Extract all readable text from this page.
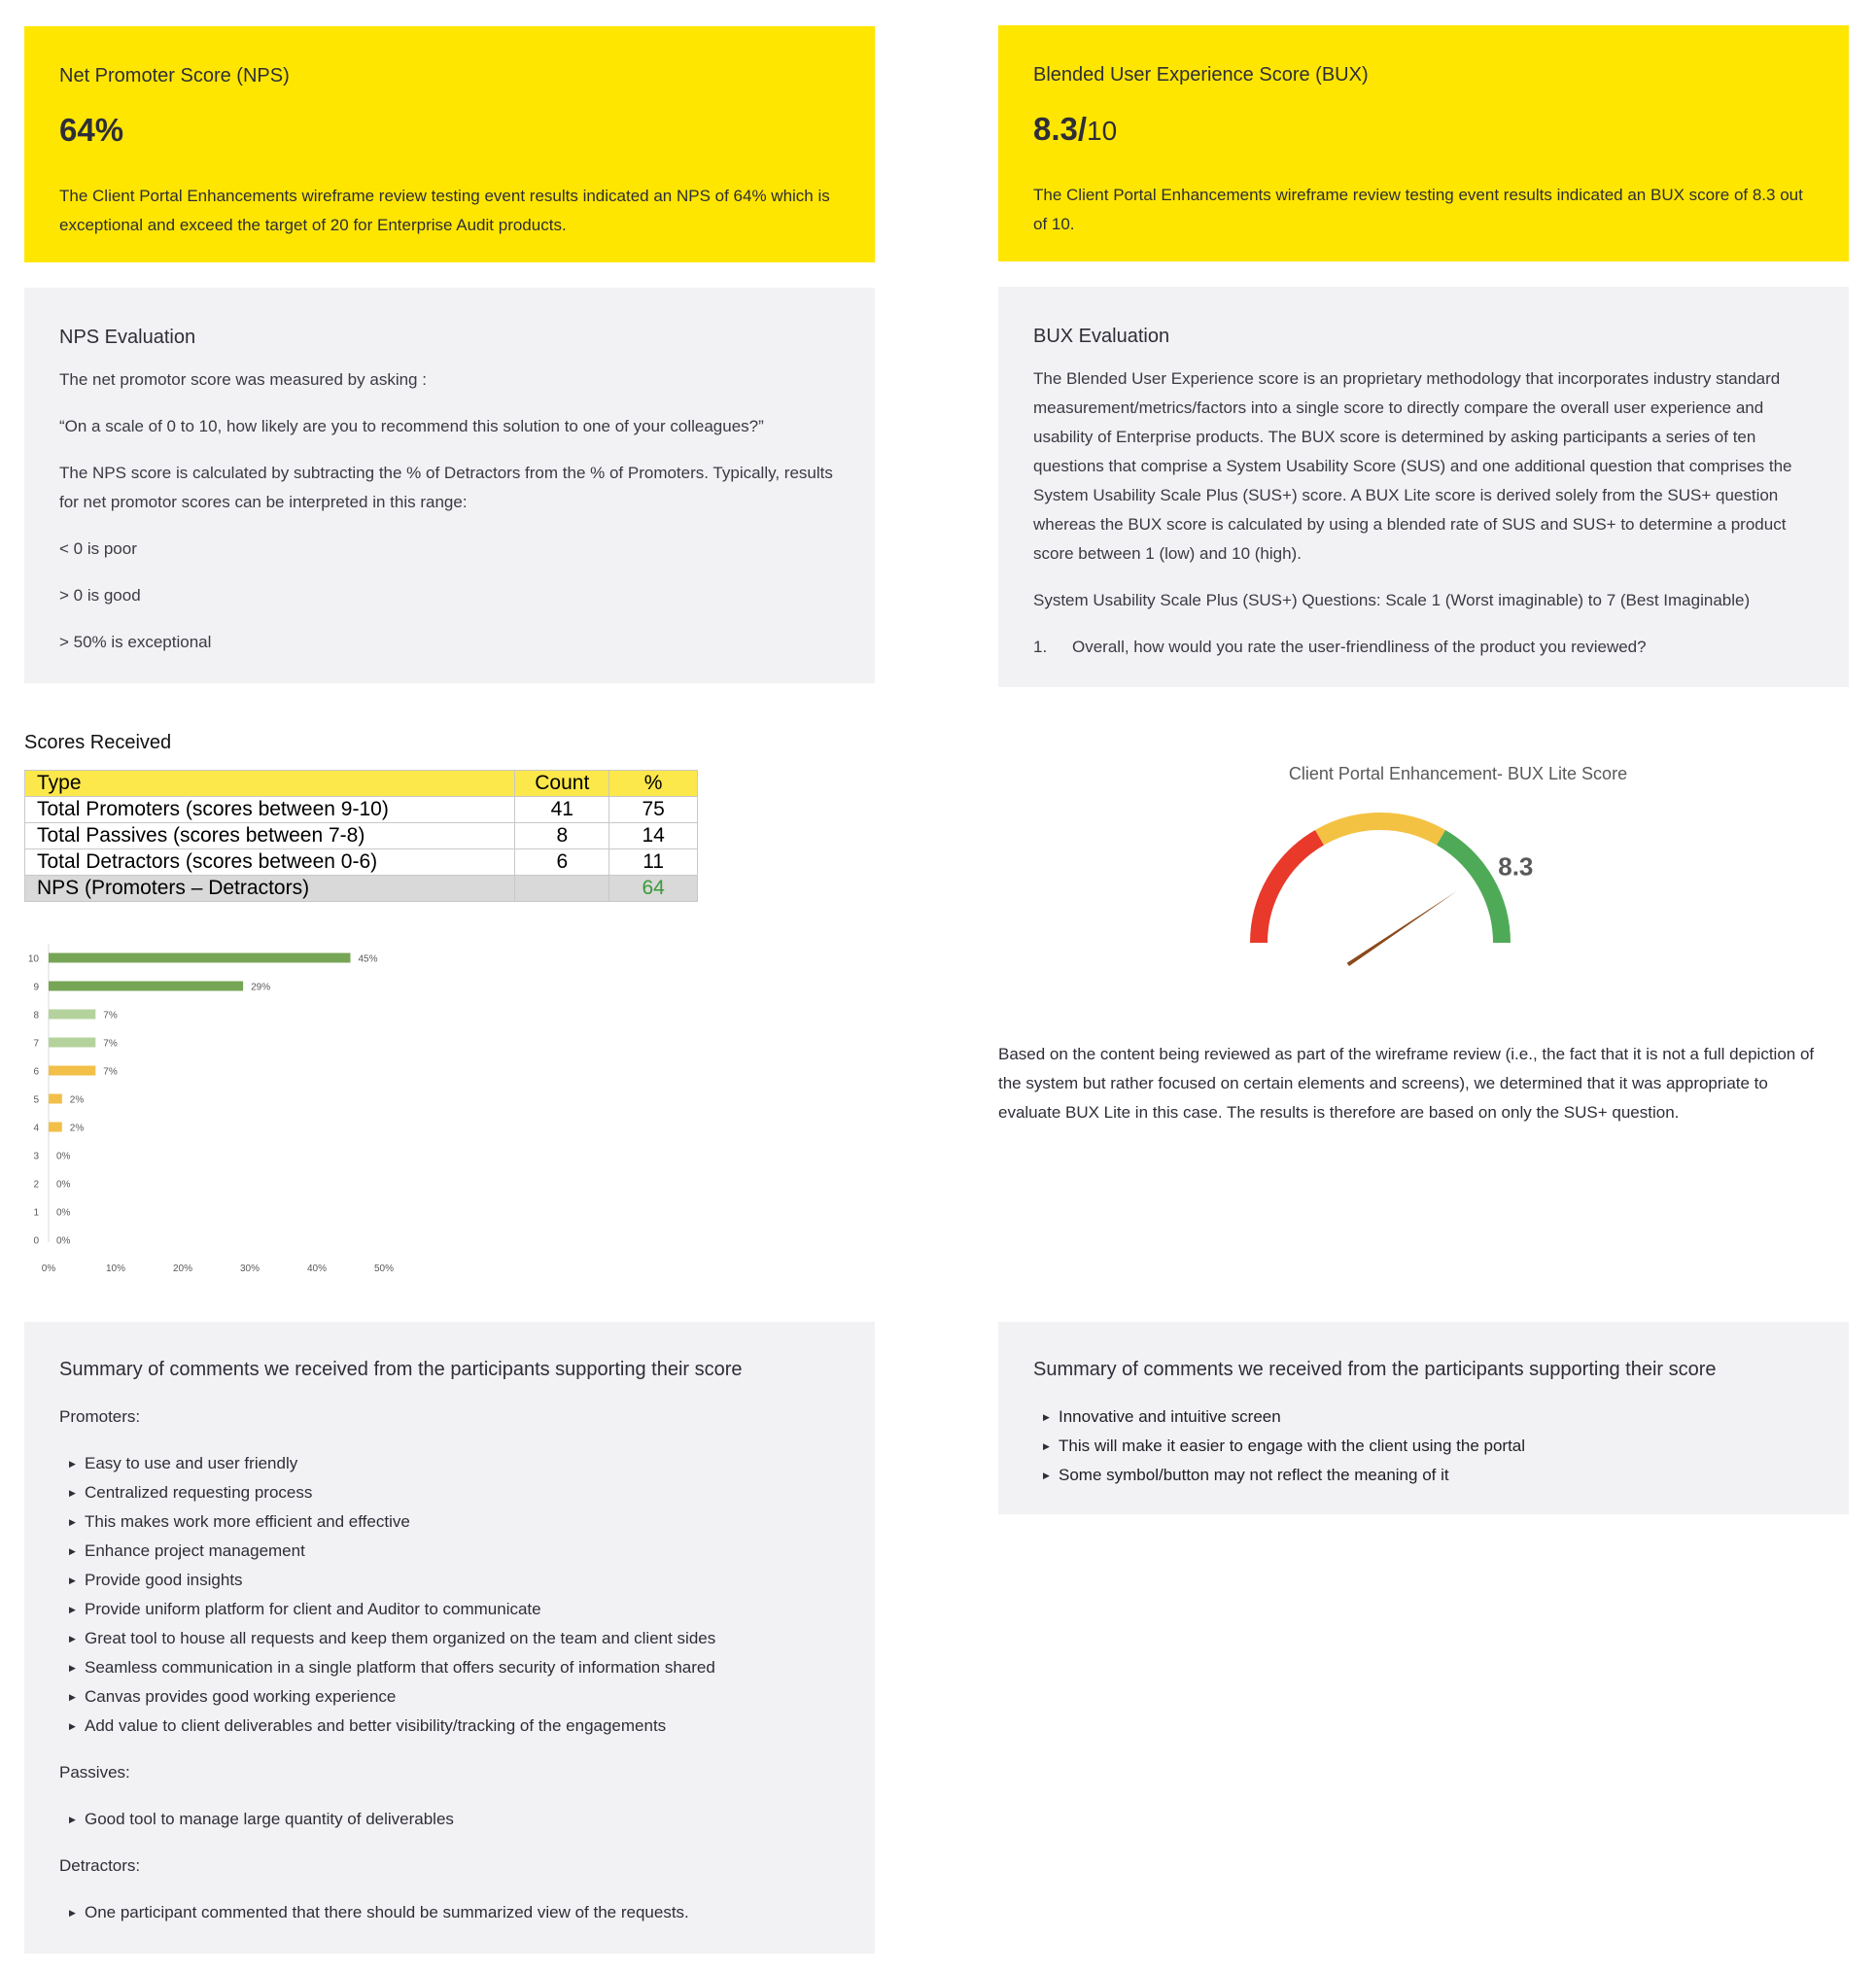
Net Promoter Score (NPS)
64%
The Client Portal Enhancements wireframe review testing event results indicated an NPS of 64% which is exceptional and exceed the target of 20 for Enterprise Audit products.
Blended User Experience Score (BUX)
8.3/10
The Client Portal Enhancements wireframe review testing event results indicated an BUX score of 8.3 out of 10.
NPS Evaluation

The net promotor score was measured by asking :

“On a scale of 0 to 10, how likely are you to recommend this solution to one of your colleagues?”

The NPS score is calculated by subtracting the % of Detractors from the % of Promoters. Typically, results for net promotor scores can be interpreted in this range:

< 0 is poor

> 0 is good

> 50% is exceptional

BUX Evaluation

The Blended User Experience score is an proprietary methodology that incorporates industry standard measurement/metrics/factors into a single score to directly compare the overall user experience and usability of Enterprise products. The BUX score is determined by asking participants a series of ten questions that comprise a System Usability Score (SUS) and one additional question that comprises the System Usability Scale Plus (SUS+) score. A BUX Lite score is derived solely from the SUS+ question whereas the BUX score is calculated by using a blended rate of SUS and SUS+ to determine a product score between 1 (low) and 10 (high).

System Usability Scale Plus (SUS+) Questions: Scale 1 (Worst imaginable) to 7 (Best Imaginable)

1.	Overall, how would you rate the user-friendliness of the product you reviewed?
Scores Received
Type	Count	%
Total Promoters (scores between 9-10)	41	75
Total Passives (scores between 7-8)	8	14
Total Detractors (scores between 0-6)	6	11
NPS (Promoters – Detractors)		64
10	45%
9	29%
8	7%
7	7%
6	7%
5	2%
4	2%
3 0%
2 0%
1 0%
0 0%
0%	10%	20%	30%	40%	50%
Client Portal Enhancement- BUX Lite Score
8.3
Based on the content being reviewed as part of the wireframe review (i.e., the fact that it is not a full depiction of the system but rather focused on certain elements and screens), we determined that it was appropriate to evaluate BUX Lite in this case. The results is therefore are based on only the SUS+ question.
Summary of comments we received from the participants supporting their score
Promoters:
▶ Easy to use and user friendly
▶ Centralized requesting process
▶ This makes work more efficient and effective
▶ Enhance project management
▶ Provide good insights
▶ Provide uniform platform for client and Auditor to communicate
▶ Great tool to house all requests and keep them organized on the team and client sides
▶ Seamless communication in a single platform that offers security of information shared
▶ Canvas provides good working experience
▶ Add value to client deliverables and better visibility/tracking of the engagements
Passives:
▶ Good tool to manage large quantity of deliverables
Detractors:
▶ One participant commented that there should be summarized view of the requests.
Summary of comments we received from the participants supporting their score
▶ Innovative and intuitive screen
▶ This will make it easier to engage with the client using the portal
▶ Some symbol/button may not reflect the meaning of it
